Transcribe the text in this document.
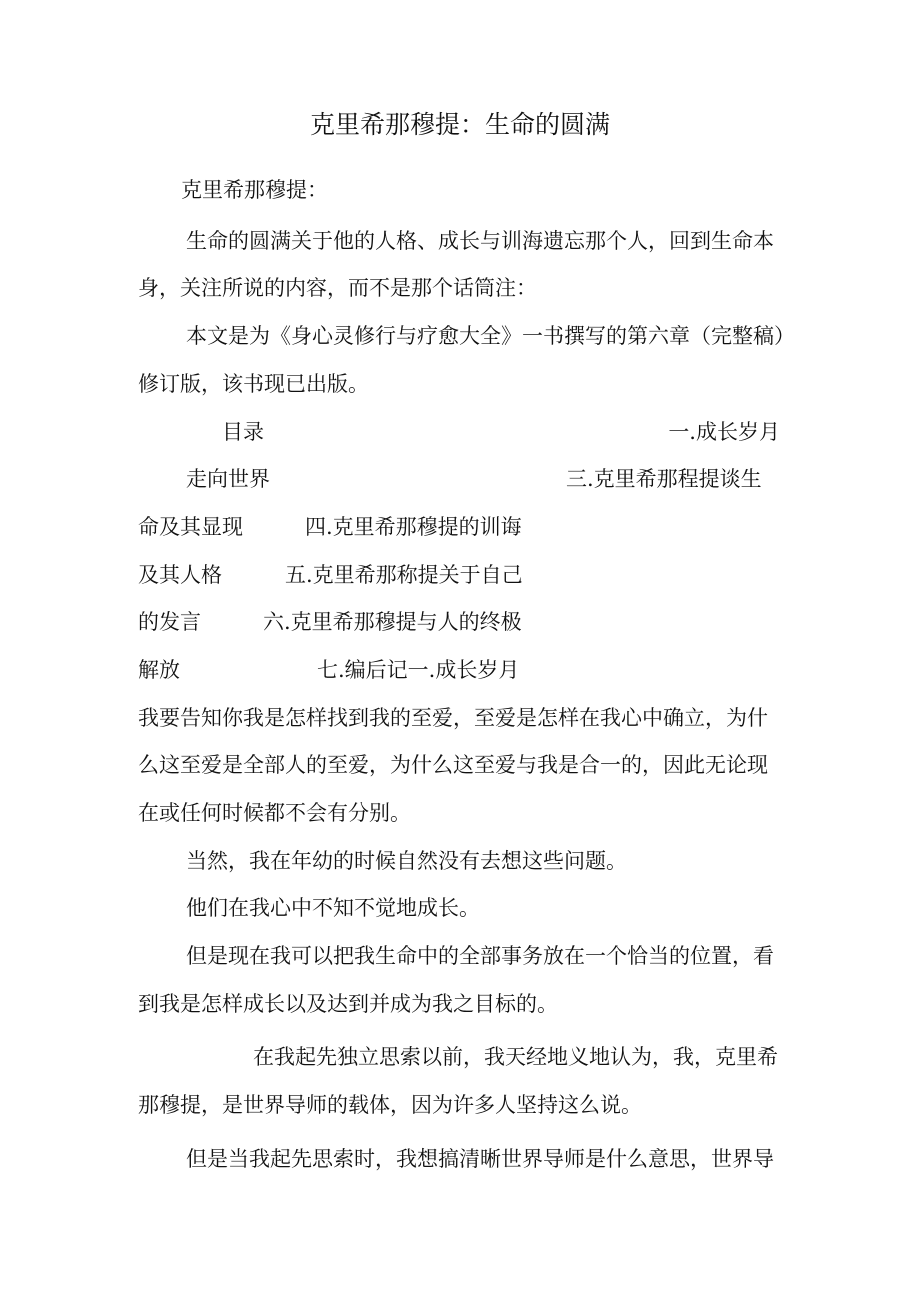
克里希那穆提：生命的圆满

克里希那穆提：

生命的圆满关于他的人格、成长与训海遗忘那个人，回到生命本

身，关注所说的内容，而不是那个话筒注：

本文是为《身心灵修行与疗愈大全》一书撰写的第六章（完整稿）

修订版，该书现已出版。

目录	一.成长岁月

走向世界	三.克里希那程提谈生

命及其显现	四.克里希那穆提的训诲

及其人格	五.克里希那称提关于自己

的发言	六.克里希那穆提与人的终极

解放	七.编后记一.成长岁月

我要告知你我是怎样找到我的至爱，至爱是怎样在我心中确立，为什

么这至爱是全部人的至爱，为什么这至爱与我是合一的，因此无论现

在或任何时候都不会有分别。

当然，我在年幼的时候自然没有去想这些问题。

他们在我心中不知不觉地成长。

但是现在我可以把我生命中的全部事务放在一个恰当的位置，看

到我是怎样成长以及达到并成为我之目标的。

在我起先独立思索以前，我天经地义地认为，我，克里希

那穆提，是世界导师的载体，因为许多人坚持这么说。

但是当我起先思索时，我想搞清晰世界导师是什么意思，世界导
